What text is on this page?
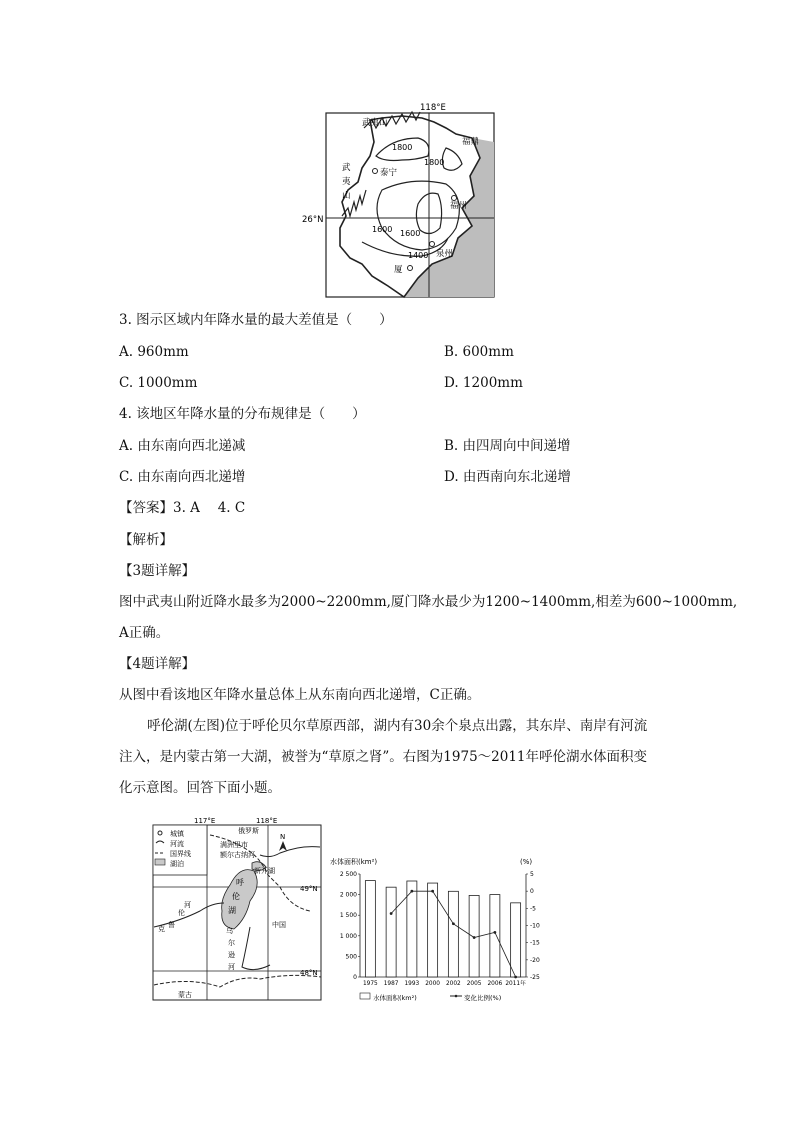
118°E
26°N
武夷山
武
夷
山
1800
1800
1600 1600
1400
泰宁
福鼎
福州
泉州
厦
3. 图示区域内年降水量的最大差值是（　　）
A. 960mm	B. 600mm
C. 1000mm	D. 1200mm
4. 该地区年降水量的分布规律是（　　）
A. 由东南向西北递减	B. 由四周向中间递增
C. 由东南向西北递增	D. 由西南向东北递增
【答案】3. A　 4. C
【解析】
【3题详解】
图中武夷山附近降水最多为2000~2200mm,厦门降水最少为1200~1400mm,相差为600~1000mm,
A正确。
【4题详解】
从图中看该地区年降水量总体上从东南向西北递增，C正确。
呼伦湖(左图)位于呼伦贝尔草原西部，湖内有30余个泉点出露，其东岸、南岸有河流
注入，是内蒙古第一大湖，被誉为“草原之肾”。右图为1975～2011年呼伦湖水体面积变
化示意图。回答下面小题。
城镇
河流
国界线
湖泊
N
117°E	118°E
49°N
48°N
俄罗斯
满洲里市
额尔古纳河
新开湖
呼
伦
湖
乌
尔
逊
河
伦
河
克 鲁	中国
蒙古
水体面积(km²)	(%)
2 500
2 000
1 500
1 000
500
0
5
0
-5
-10
-15
-20
-25
1975 1987 1993 2000 2002 2005 2006 2011年
水体面积(km²)	变化比例(%)
